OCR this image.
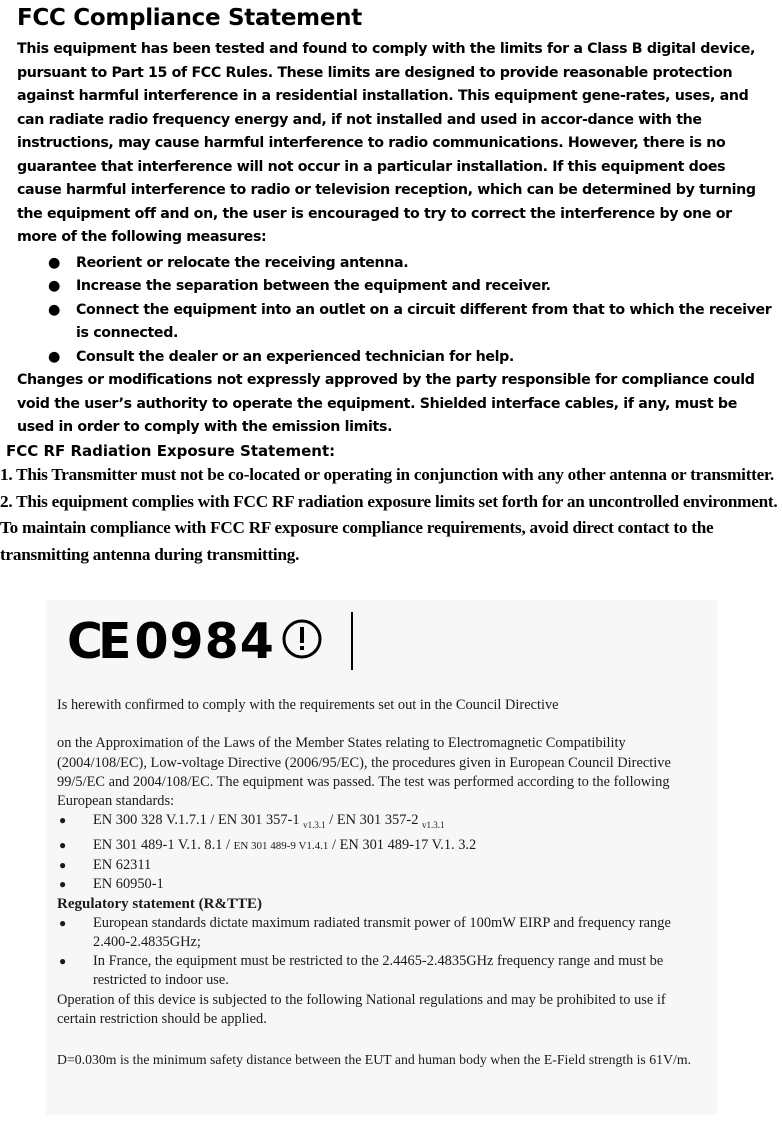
FCC Compliance Statement

This equipment has been tested and found to comply with the limits for a Class B digital device, pursuant to Part 15 of FCC Rules. These limits are designed to provide reasonable protection against harmful interference in a residential installation. This equipment gene-rates, uses, and can radiate radio frequency energy and, if not installed and used in accor-dance with the instructions, may cause harmful interference to radio communications. However, there is no guarantee that interference will not occur in a particular installation. If this equipment does cause harmful interference to radio or television reception, which can be determined by turning the equipment off and on, the user is encouraged to try to correct the interference by one or more of the following measures:

● Reorient or relocate the receiving antenna.
● Increase the separation between the equipment and receiver.
● Connect the equipment into an outlet on a circuit different from that to which the receiver is connected.
● Consult the dealer or an experienced technician for help.

Changes or modifications not expressly approved by the party responsible for compliance could void the user’s authority to operate the equipment. Shielded interface cables, if any, must be used in order to comply with the emission limits.

FCC RF Radiation Exposure Statement:

1. This Transmitter must not be co-located or operating in conjunction with any other antenna or transmitter.

2. This equipment complies with FCC RF radiation exposure limits set forth for an uncontrolled environment. To maintain compliance with FCC RF exposure compliance requirements, avoid direct contact to the transmitting antenna during transmitting.

CE 0984

Is herewith confirmed to comply with the requirements set out in the Council Directive

on the Approximation of the Laws of the Member States relating to Electromagnetic Compatibility (2004/108/EC), Low-voltage Directive (2006/95/EC), the procedures given in European Council Directive 99/5/EC and 2004/108/EC. The equipment was passed. The test was performed according to the following European standards:

● EN 300 328 V.1.7.1 / EN 301 357-1 $_{v1.3.1}$ / EN 301 357-2 $_{v1.3.1}$
● EN 301 489-1 V.1. 8.1 / EN 301 489-9 V1.4.1 / EN 301 489-17 V.1. 3.2
● EN 62311
● EN 60950-1
Regulatory statement (R&TTE)
● European standards dictate maximum radiated transmit power of 100mW EIRP and frequency range 2.400-2.4835GHz;
● In France, the equipment must be restricted to the 2.4465-2.4835GHz frequency range and must be restricted to indoor use.

Operation of this device is subjected to the following National regulations and may be prohibited to use if certain restriction should be applied.

D=0.030m is the minimum safety distance between the EUT and human body when the E-Field strength is 61V/m.
